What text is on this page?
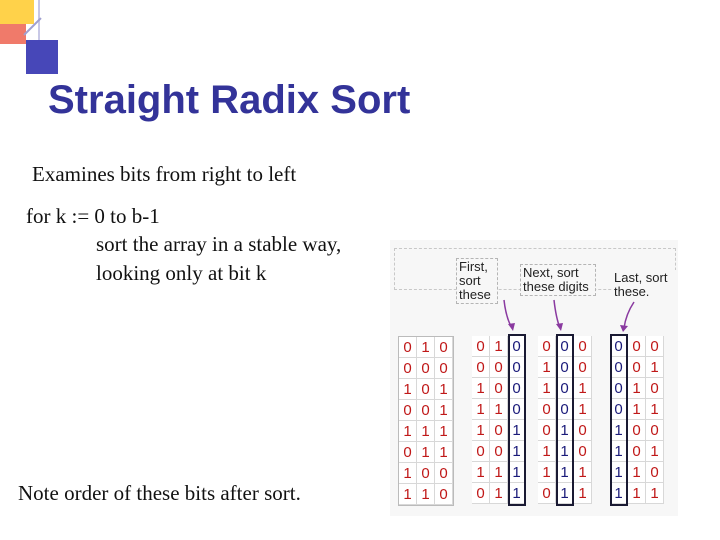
Straight Radix Sort

Examines bits from right to left

for k := 0 to b-1

sort the array in a stable way,

looking only at bit k

Note order of these bits after sort.

First,
sort
these
Next, sort
these digits
Last, sort
these.
0 1 0
0 0 0
1 0 1
0 0 1
1 1 1
0 1 1
1 0 0
1 1 0
0 1 0
0 0 0
1 0 0
1 1 0
1 0 1
0 0 1
1 1 1
0 1 1
0 0 0
1 0 0
1 0 1
0 0 1
0 1 0
1 1 0
1 1 1
0 1 1
0 0 0
0 0 1
0 1 0
0 1 1
1 0 0
1 0 1
1 1 0
1 1 1
